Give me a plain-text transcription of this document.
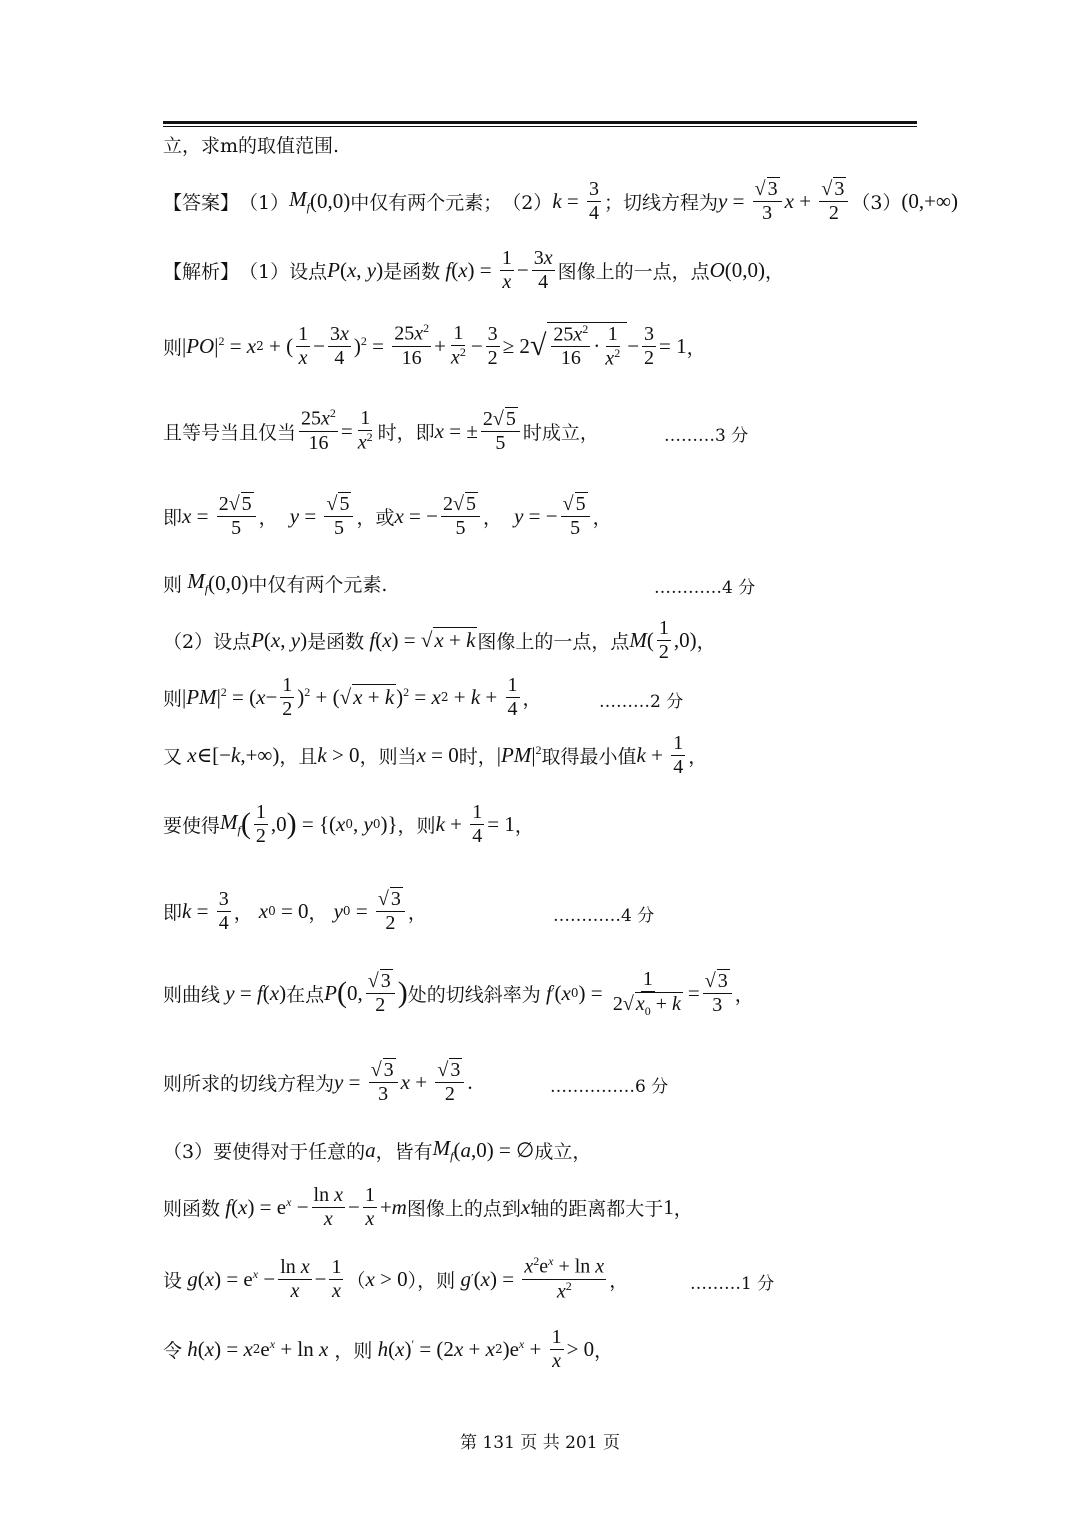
立，求m的取值范围.
【答案】 （1） $M_f$ (0,0) 中仅有两个元素； （2） $k = \frac{3}{4}$ ；切线方程为 $y = \frac{√ 3}{3}$ $x + \frac{√ 3}{2} (3)$ (0,+∞)
【解析】 （1）设点 P ( x , y ) 是函数 f ( x ) = $\frac{1}{x} - \frac{3x}{4}$ 图像上的一点，点 O (0,0) ，
则 | PO $|^2 = x$ 2 + ( 1
$x - \frac{3x}{4} )^2 = \frac{25x^2}{16} + \frac{1}{x^2} - \frac{3}{2} \ge 2$ √ $25x^2$
16
·
1
$x^2 - \frac{3}{2} = 1$ ，
且等号当且仅当 $\frac{25x^2}{16} = \frac{1}{x^2}$ 时，即 x = ± $\frac{2√ 5}{5}$ 时成立，	………3 分
即 $x = \frac{2√ 5}{5}$ ，
$y = \frac{√ 5}{5}$ ，或 x = − $\frac{2√ 5}{5}$ ，
y = − $\frac{√ 5}{5}$ ，
则 $M_f$ (0,0) 中仅有两个元素.	…………4 分
（2）设点 P ( x , y ) 是函数 f ( x ) = √ x + k 图像上的一点，点 M ( 1
2 ,0) ，
则 | PM $|^2$ = ( $x - \frac{1}{2} )^2$ + (√ x + k )$^2$ = x $2 + k + \frac{1}{4}$ ，	………2 分
又 x ∈[− k ,+∞) ，且 k > 0 ，则当 x = 0 时， | PM $|^2$ 取得最小值 $k + \frac{1}{4}$ ，
要使得 $M_f$ ( 1
2 ,0 ) = {( x 0 , y 0 )} ，则 $k + \frac{1}{4} = 1$ ，
即 $k = \frac{3}{4}$ ， x 0 = 0 ， y $0 = \frac{√ 3}{2}$ ，	…………4 分
则曲线 y = f ( x ) 在点 P ( 0, √ 3
2 ) 处的切线斜率为 f ′ ( x 0 ) = $\frac{1}{2√ x_0 + k} = \frac{√ 3}{3}$ ，
则所求的切线方程为 $y = \frac{√ 3}{3}$ $x + \frac{√ 3}{2}$ .	……………6 分
（3）要使得对于任意的 a ，皆有 $M_f$ ( a ,0) = ∅ 成立，
则函数 f ( x ) = $e^x - \frac{\text{ln x}}{x} - \frac{1}{x} + m$ 图像上的点到 x 轴的距离都大于 1 ，
设 g ( x ) = $e^x - \frac{\text{ln x}}{x} - \frac{1}{x}$ （ x > 0 ），则 g ′ ( x ) = $\frac{x^2e^x + \ln x}{x^2}$ ，	………1 分
令 h ( x ) = x 2 $e^x + \ln x$
，则 h ( x )′ = (2 x + x 2 )$e^x + \frac{1}{x} > 0$ ，
第 131 页 共 201 页
